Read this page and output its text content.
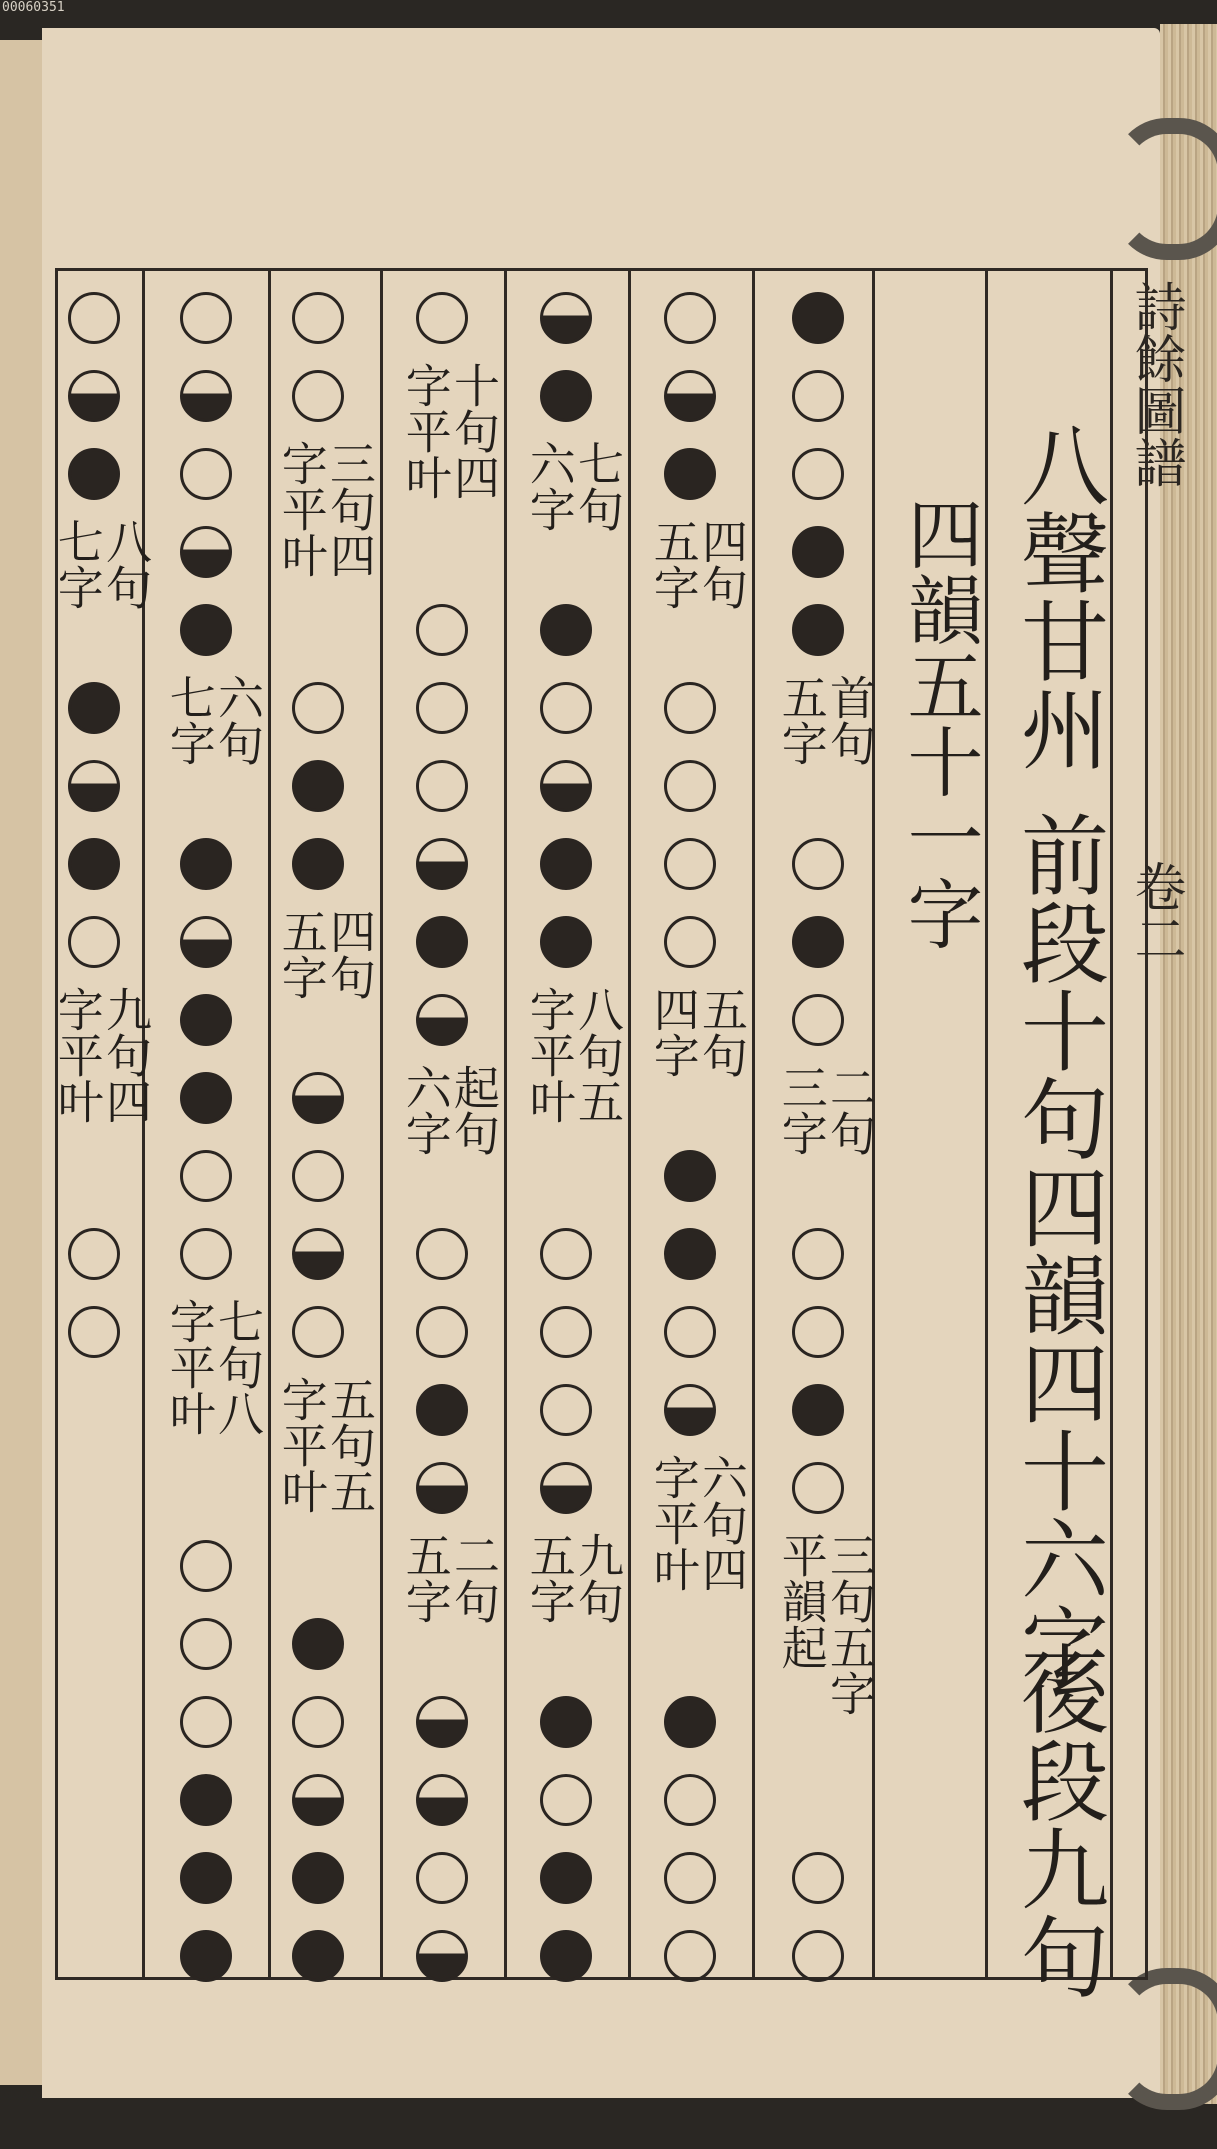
00060351
詩餘圖譜
卷二
八聲甘州
前段十句四韻四十六字
後段九句
四韻五十一字
首句五字
二句三字
三句五字平韻起
四句五字
五句四字
六句四字平叶
七句六字
八句五字平叶
九句五字
十句四字平叶
起句六字
二句五字
三句四字平叶
四句五字
五句五字平叶
六句七字
七句八字平叶
八句七字
九句四字平叶
